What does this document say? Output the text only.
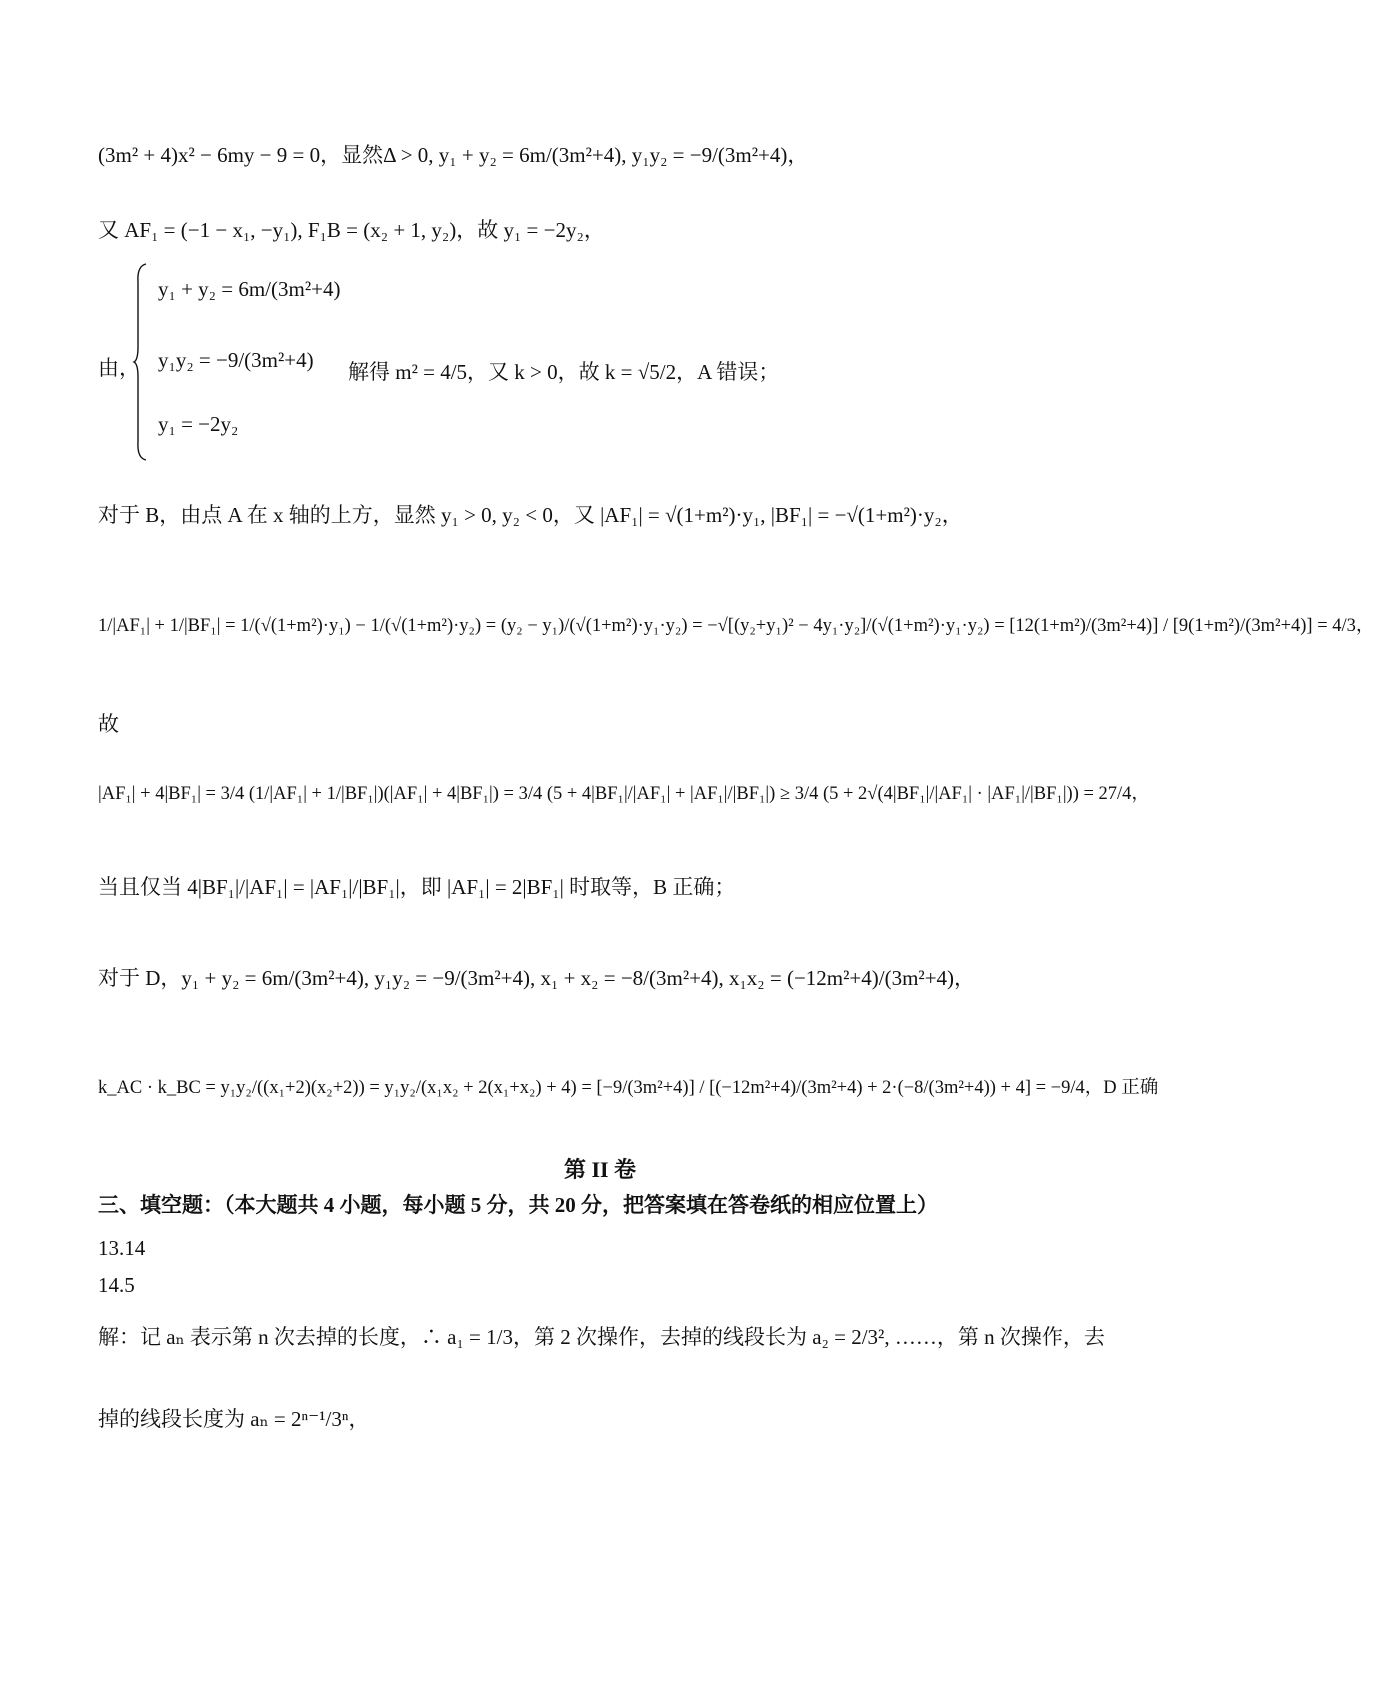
(3m² + 4)x² − 6my − 9 = 0，显然Δ > 0, y₁ + y₂ = 6m/(3m²+4), y₁y₂ = −9/(3m²+4)，
又 AF₁ = (−1 − x₁, −y₁), F₁B = (x₂ + 1, y₂)，故 y₁ = −2y₂，
由，
y₁ + y₂ = 6m/(3m²+4)
y₁y₂ = −9/(3m²+4)
y₁ = −2y₂
解得 m² = 4/5，又 k > 0，故 k = √5/2，A 错误；
对于 B，由点 A 在 x 轴的上方，显然 y₁ > 0, y₂ < 0，又 |AF₁| = √(1+m²)·y₁, |BF₁| = −√(1+m²)·y₂，
1/|AF₁| + 1/|BF₁| = 1/(√(1+m²)·y₁) − 1/(√(1+m²)·y₂) = (y₂ − y₁)/(√(1+m²)·y₁·y₂) = −√[(y₂+y₁)² − 4y₁·y₂]/(√(1+m²)·y₁·y₂) = [12(1+m²)/(3m²+4)] / [9(1+m²)/(3m²+4)] = 4/3，
故
|AF₁| + 4|BF₁| = 3/4 (1/|AF₁| + 1/|BF₁|)(|AF₁| + 4|BF₁|) = 3/4 (5 + 4|BF₁|/|AF₁| + |AF₁|/|BF₁|) ≥ 3/4 (5 + 2√(4|BF₁|/|AF₁| · |AF₁|/|BF₁|)) = 27/4，
当且仅当 4|BF₁|/|AF₁| = |AF₁|/|BF₁|，即 |AF₁| = 2|BF₁| 时取等，B 正确；
对于 D，y₁ + y₂ = 6m/(3m²+4), y₁y₂ = −9/(3m²+4), x₁ + x₂ = −8/(3m²+4), x₁x₂ = (−12m²+4)/(3m²+4)，
k_AC · k_BC = y₁y₂/((x₁+2)(x₂+2)) = y₁y₂/(x₁x₂ + 2(x₁+x₂) + 4) = [−9/(3m²+4)] / [(−12m²+4)/(3m²+4) + 2·(−8/(3m²+4)) + 4] = −9/4，D 正确
第 II 卷
三、填空题：（本大题共 4 小题，每小题 5 分，共 20 分，把答案填在答卷纸的相应位置上）
13.14
14.5
解：记 aₙ 表示第 n 次去掉的长度，∴ a₁ = 1/3，第 2 次操作，去掉的线段长为 a₂ = 2/3², ……，第 n 次操作，去
掉的线段长度为 aₙ = 2ⁿ⁻¹/3ⁿ，
